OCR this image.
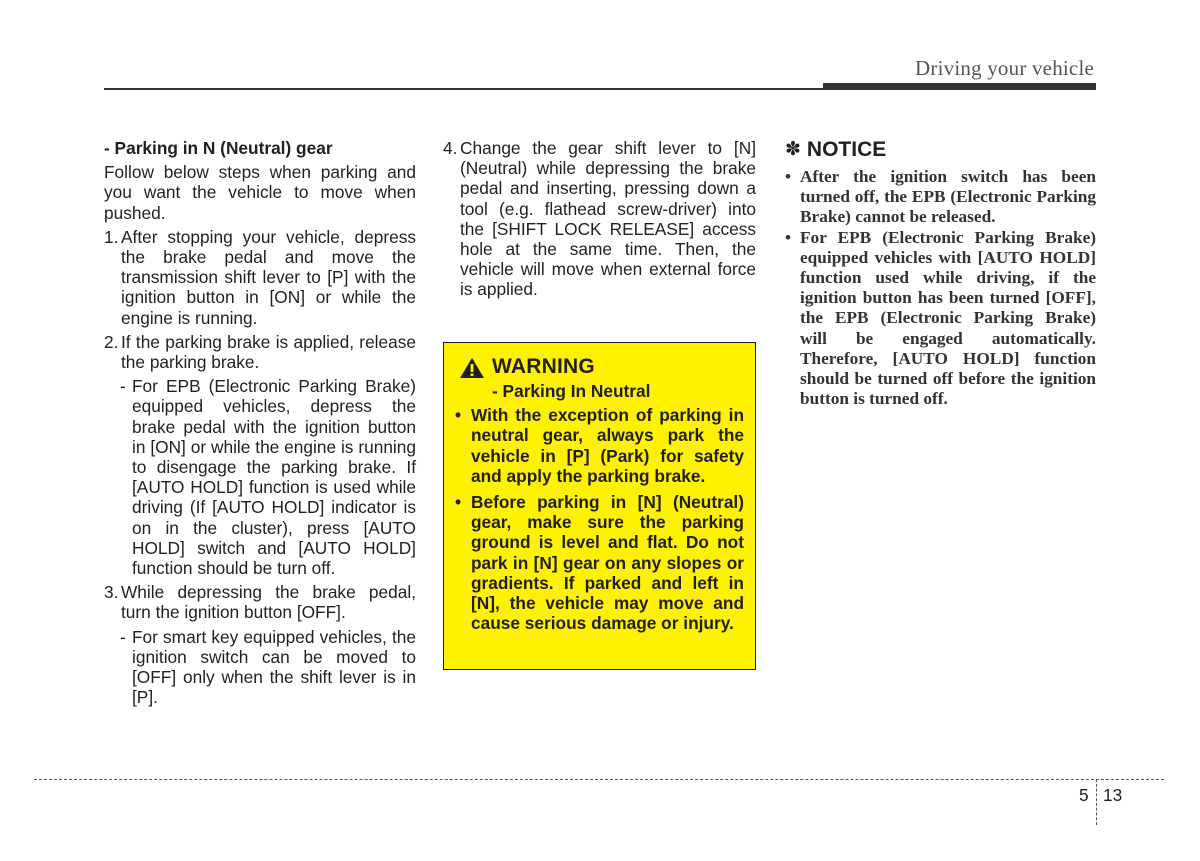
Driving your vehicle

- Parking in N (Neutral) gear

Follow below steps when parking and you want the vehicle to move when pushed.

1. After stopping your vehicle, depress the brake pedal and move the transmission shift lever to [P] with the ignition button in [ON] or while the engine is running.
2. If the parking brake is applied, release the parking brake.
- For EPB (Electronic Parking Brake) equipped vehicles, depress the brake pedal with the ignition button in [ON] or while the engine is running to disengage the parking brake. If [AUTO HOLD] function is used while driving (If [AUTO HOLD] indicator is on in the cluster), press [AUTO HOLD] switch and [AUTO HOLD] function should be turn off.
3. While depressing the brake pedal, turn the ignition button [OFF].
- For smart key equipped vehicles, the ignition switch can be moved to [OFF] only when the shift lever is in [P].
4. Change the gear shift lever to [N] (Neutral) while depressing the brake pedal and inserting, pressing down a tool (e.g. flathead screw-driver) into the [SHIFT LOCK RELEASE] access hole at the same time. Then, the vehicle will move when external force is applied.
WARNING - Parking In Neutral
• With the exception of parking in neutral gear, always park the vehicle in [P] (Park) for safety and apply the parking brake.
• Before parking in [N] (Neutral) gear, make sure the parking ground is level and flat. Do not park in [N] gear on any slopes or gradients. If parked and left in [N], the vehicle may move and cause serious damage or injury.
✽ NOTICE
• After the ignition switch has been turned off, the EPB (Electronic Parking Brake) cannot be released.
• For EPB (Electronic Parking Brake) equipped vehicles with [AUTO HOLD] function used while driving, if the ignition button has been turned [OFF], the EPB (Electronic Parking Brake) will be engaged automatically. Therefore, [AUTO HOLD] function should be turned off before the ignition button is turned off.
5 13
